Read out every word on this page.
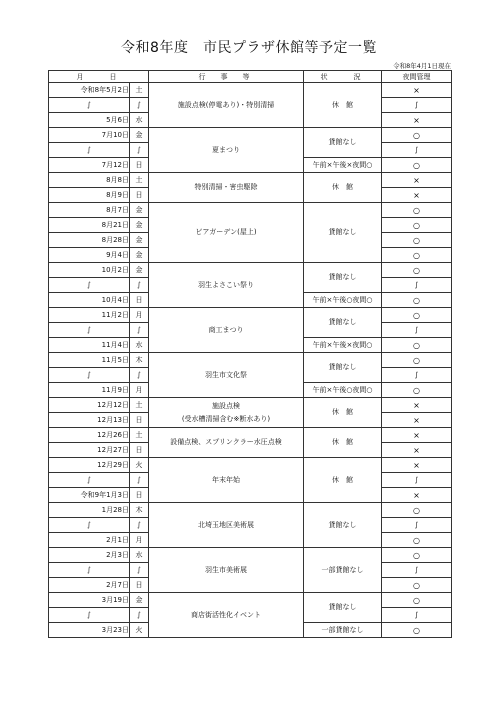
令和8年度　市民プラザ休館等予定一覧
令和8年4月1日現在
月　　日		行　事　等	状　　況	夜間管理
令和8年5月2日	土	施設点検(停電あり)・特別清掃	休　館	×
∫	∫			∫
5月6日	水			×
7月10日	金	夏まつり	貸館なし	○
∫	∫			∫
7月12日	日		午前×午後×夜間○	○
8月8日	土	特別清掃・害虫駆除	休　館	×
8月9日	日			×
8月7日	金	ビアガーデン(屋上)	貸館なし	○
8月21日	金			○
8月28日	金			○
9月4日	金			○
10月2日	金	羽生よさこい祭り	貸館なし	○
∫	∫			∫
10月4日	日		午前×午後○夜間○	○
11月2日	月	商工まつり	貸館なし	○
∫	∫			∫
11月4日	水		午前×午後×夜間○	○
11月5日	木	羽生市文化祭	貸館なし	○
∫	∫			∫
11月9日	月		午前×午後○夜間○	○
12月12日	土	施設点検
(受水槽清掃含む※断水あり)	休　館	×
12月13日	日			×
12月26日	土	設備点検、スプリンクラー水圧点検	休　館	×
12月27日	日			×
12月29日	火	年末年始	休　館	×
∫	∫			∫
令和9年1月3日	日			×
1月28日	木	北埼玉地区美術展	貸館なし	○
∫	∫			∫
2月1日	月			○
2月3日	水	羽生市美術展	一部貸館なし	○
∫	∫			∫
2月7日	日			○
3月19日	金	商店街活性化イベント	貸館なし	○
∫	∫			∫
3月23日	火		一部貸館なし	○
